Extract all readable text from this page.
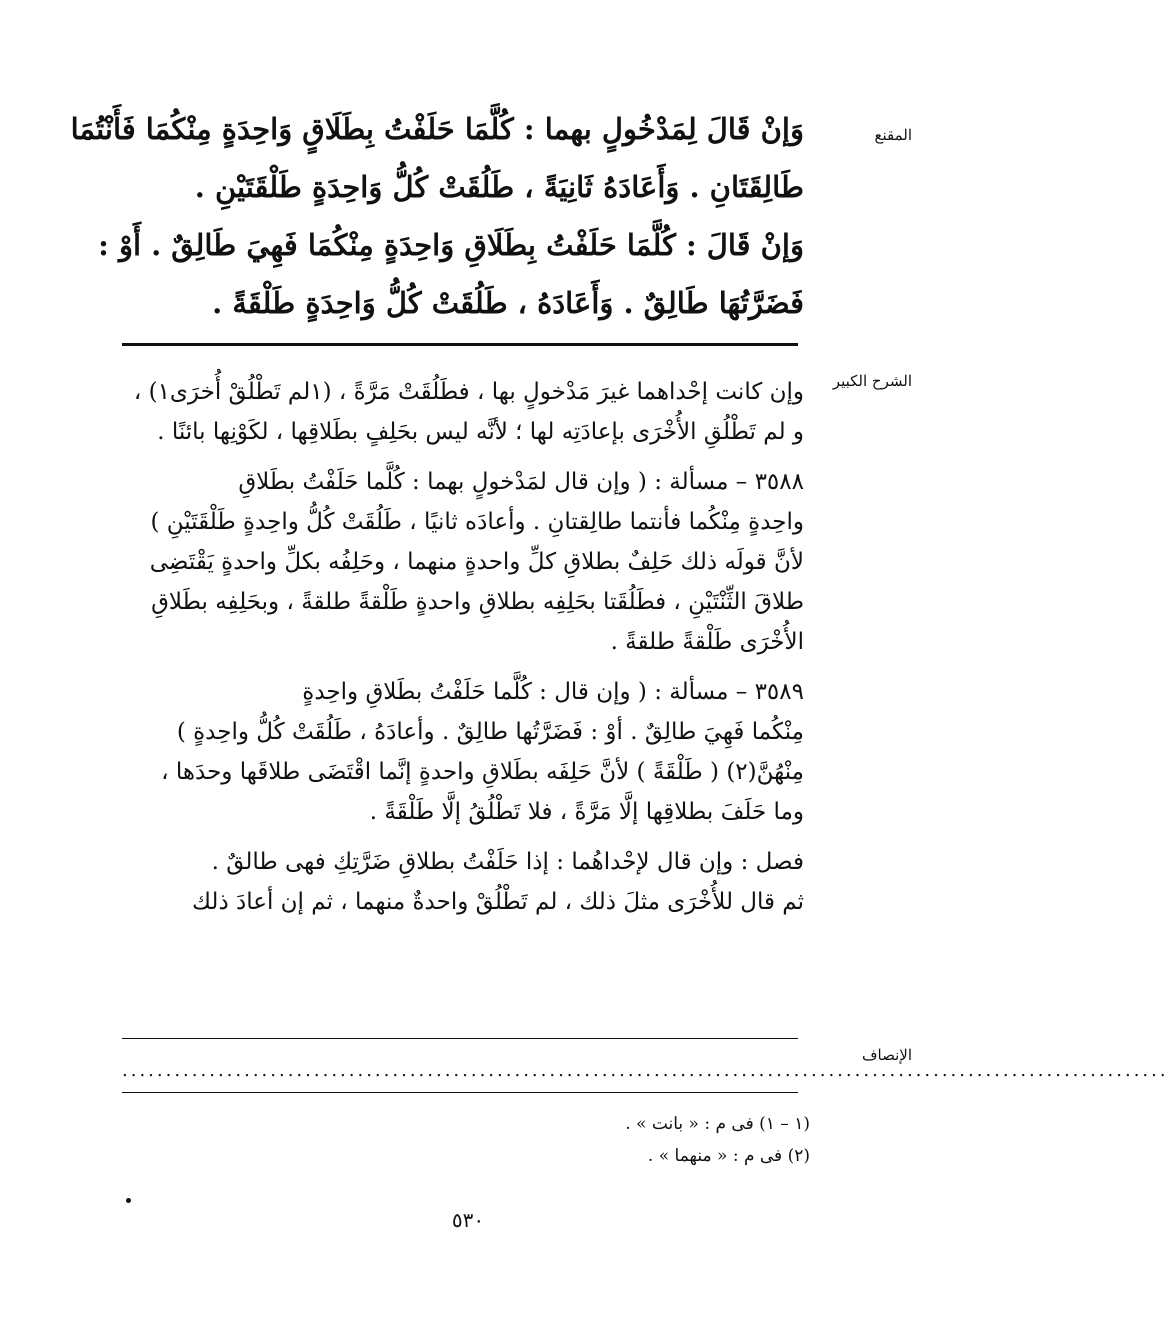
المقنع
وَإنْ قَالَ لِمَدْخُولٍ بهما : كُلَّمَا حَلَفْتُ بِطَلَاقٍ وَاحِدَةٍ مِنْكُمَا فَأَنْتُمَا
طَالِقَتَانِ . وَأَعَادَهُ ثَانِيَةً ، طَلُقَتْ كُلُّ وَاحِدَةٍ طَلْقَتَيْنِ .
وَإنْ قَالَ : كُلَّمَا حَلَفْتُ بِطَلَاقِ وَاحِدَةٍ مِنْكُمَا فَهِيَ طَالِقٌ . أَوْ :
فَضَرَّتُهَا طَالِقٌ . وَأَعَادَهُ ، طَلُقَتْ كُلُّ وَاحِدَةٍ طَلْقَةً .
الشرح الكبير
وإن كانت إحْداهما غيرَ مَدْخولٍ بها ، فطَلُقَتْ مَرَّةً ، (١لم تَطْلُقْ أُخرَى١) ،
و لم تَطْلُقِ الأُخْرَى بإعادَتِه لها ؛ لأنَّه ليس بحَلِفٍ بطَلاقِها ، لكَوْنِها بائنًا .
٣٥٨٨ – مسألة : ( وإن قال لمَدْخولٍ بهما : كُلَّما حَلَفْتُ بطَلاقِ
واحِدةٍ مِنْكُما فأنتما طالِقتانِ . وأعادَه ثانيًا ، طَلُقَتْ كُلُّ واحِدةٍ طَلْقَتَيْنِ )
لأنَّ قولَه ذلك حَلِفٌ بطلاقِ كلِّ واحدةٍ منهما ، وحَلِفُه بكلِّ واحدةٍ يَقْتَضِى
طلاقَ الثِّنْتَيْنِ ، فطَلُقَتا بحَلِفِه بطلاقِ واحدةٍ طَلْقةً طلقةً ، وبحَلِفِه بطَلاقِ
الأُخْرَى طَلْقةً طلقةً .
٣٥٨٩ – مسألة : ( وإن قال : كُلَّما حَلَفْتُ بطَلاقِ واحِدةٍ
مِنْكُما فَهِيَ طالِقٌ . أوْ : فَضَرَّتُها طالِقٌ . وأعادَهُ ، طَلُقَتْ كُلُّ واحِدةٍ )
مِنْهُنَّ(٢) ( طَلْقَةً ) لأنَّ حَلِفَه بطَلاقِ واحدةٍ إنَّما اقْتَضَى طلاقَها وحدَها ،
وما حَلَفَ بطلاقِها إلَّا مَرَّةً ، فلا تَطْلُقُ إلَّا طَلْقَةً .
فصل : وإن قال لإحْداهُما : إذا حَلَفْتُ بطلاقِ ضَرَّتِكِ فهى طالقٌ .
ثم قال للأُخْرَى مثلَ ذلك ، لم تَطْلُقْ واحدةٌ منهما ، ثم إن أعادَ ذلك
الإنصاف
........................................................................................................................
(١ – ١) فى م : « بانت » .
(٢) فى م : « منهما » .
٥٣٠
